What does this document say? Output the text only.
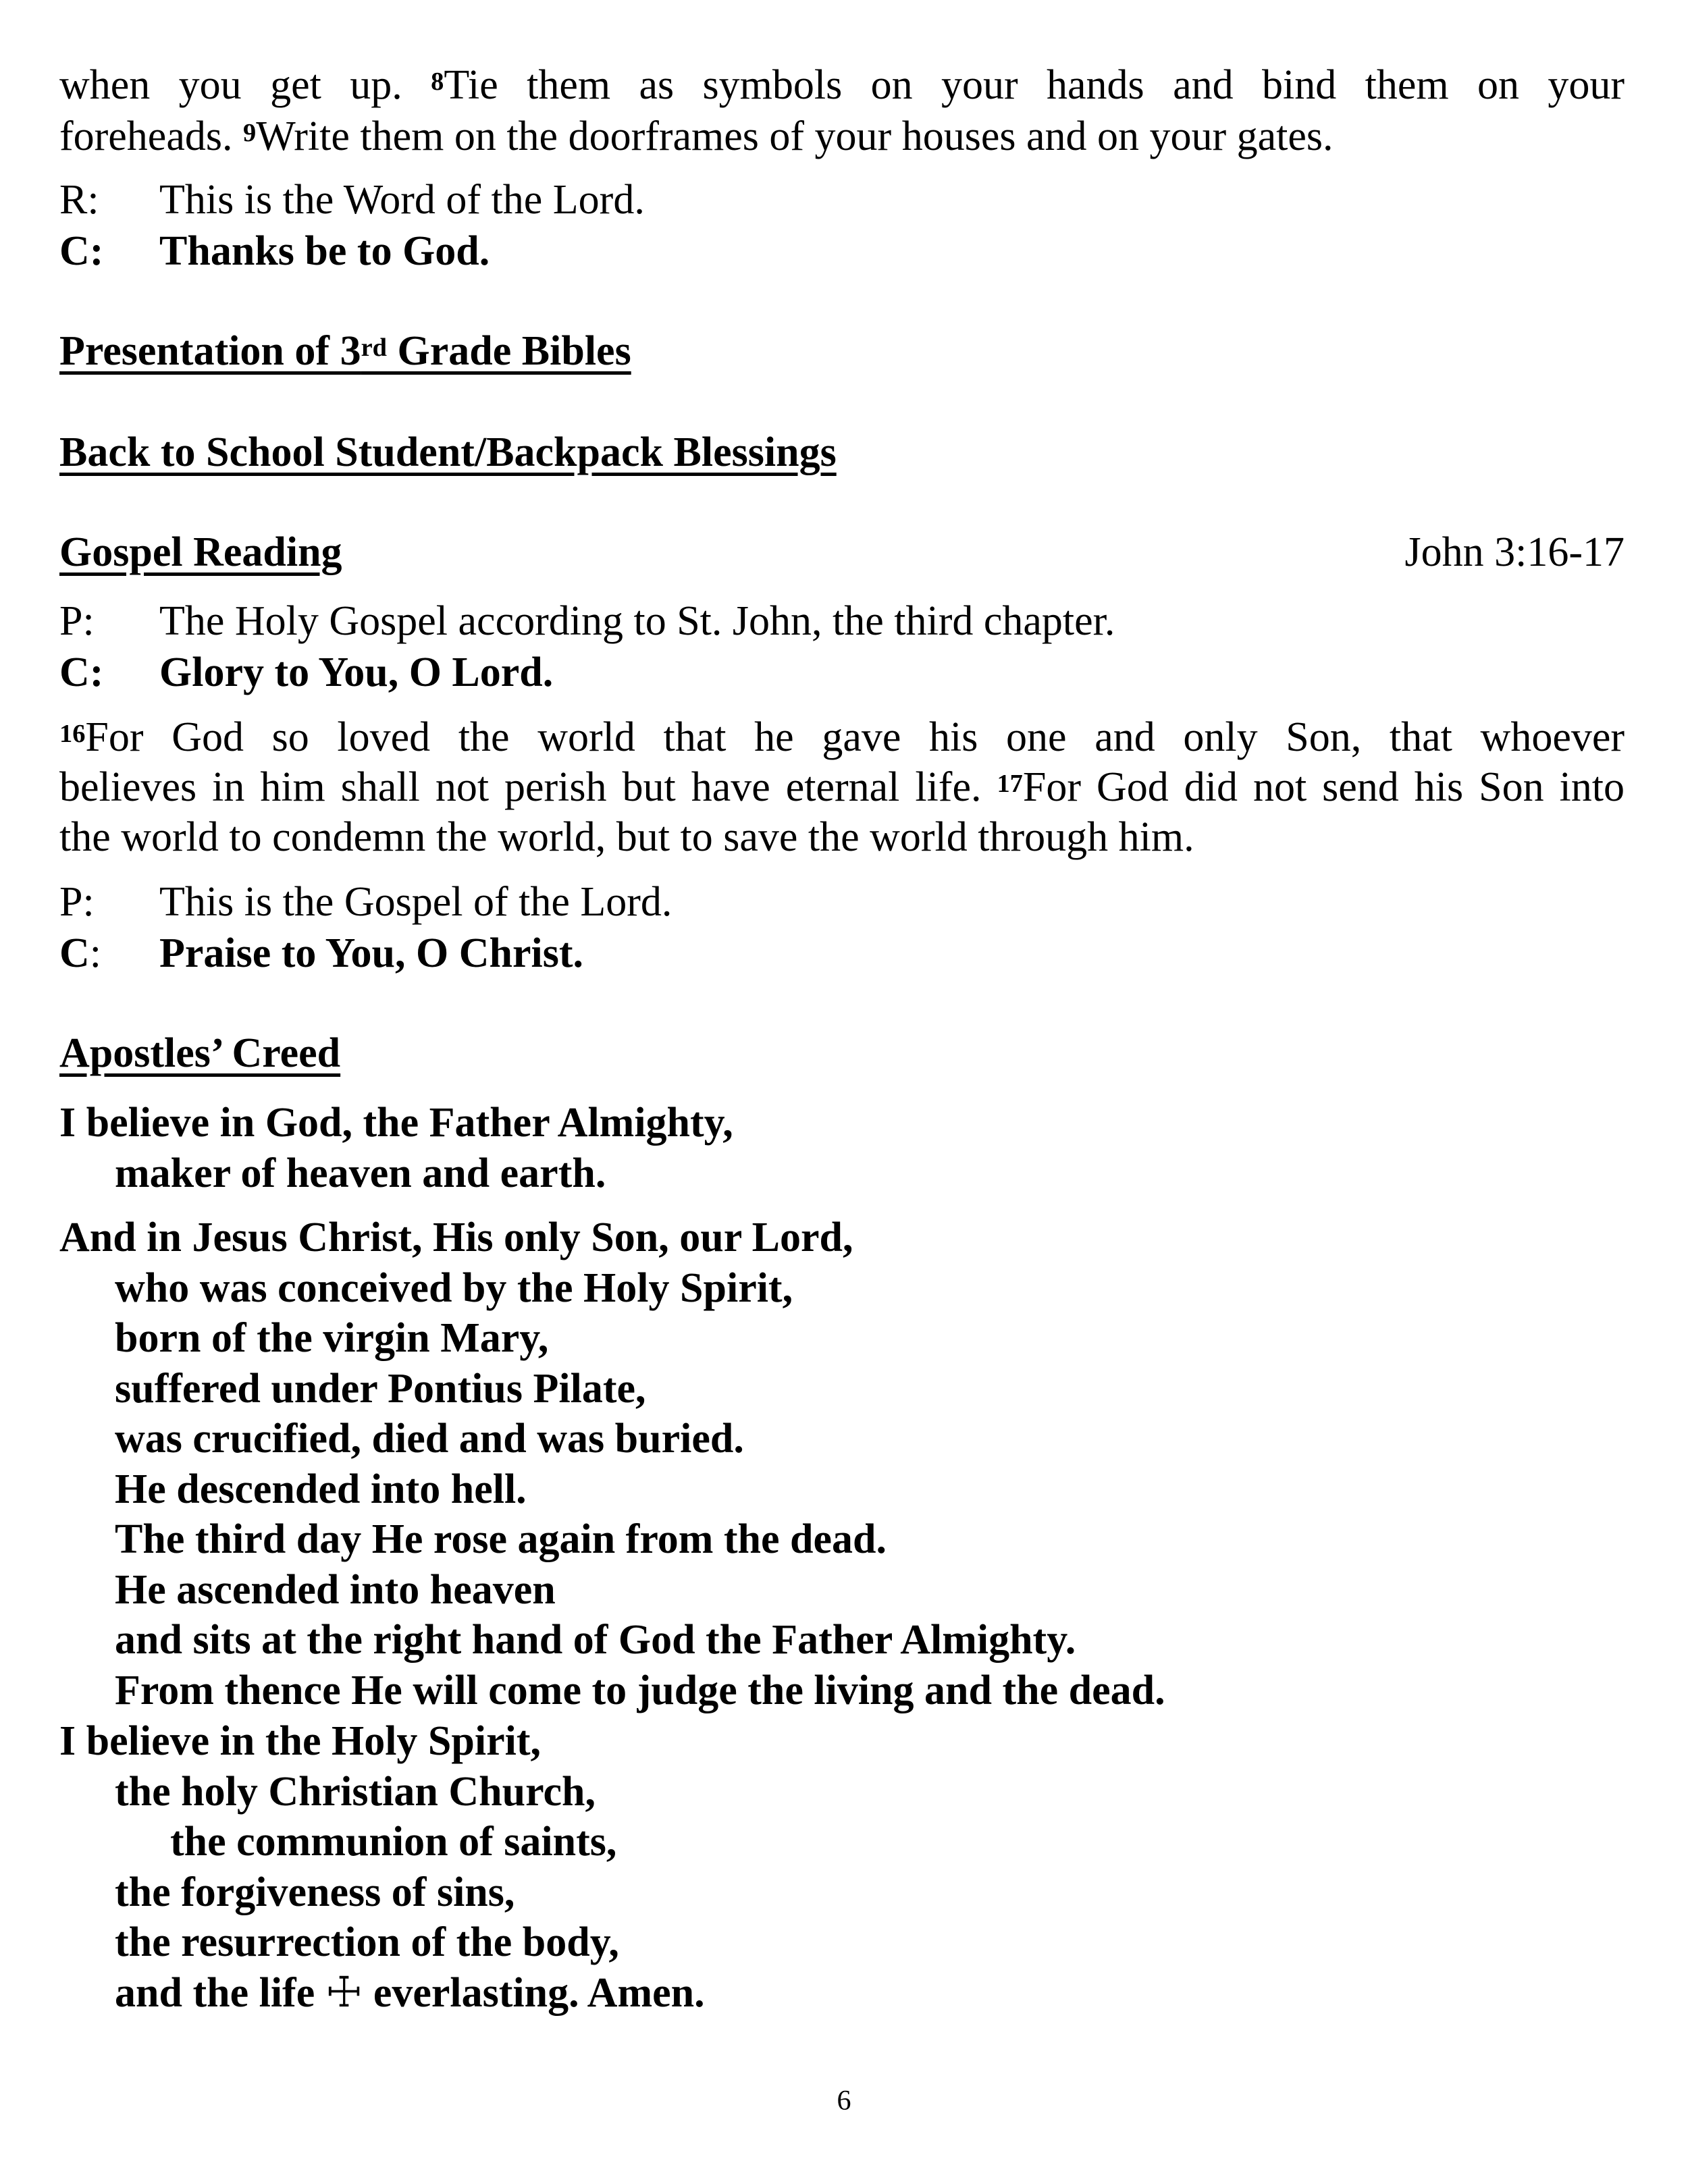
when you get up. $^8$Tie them as symbols on your hands and bind them on your
foreheads. $^9$Write them on the doorframes of your houses and on your gates.
R: This is the Word of the Lord.
C: Thanks be to God.
Presentation of 3rd Grade Bibles
Back to School Student/Backpack Blessings
Gospel Reading	John 3:16-17
P: The Holy Gospel according to St. John, the third chapter.
C: Glory to You, O Lord.
$^{16}$For God so loved the world that he gave his one and only Son, that whoever
believes in him shall not perish but have eternal life. $^{17}$For God did not send his Son into
the world to condemn the world, but to save the world through him.
P: This is the Gospel of the Lord.
C: Praise to You, O Christ.
Apostles’ Creed
I believe in God, the Father Almighty,
maker of heaven and earth.
And in Jesus Christ, His only Son, our Lord,
who was conceived by the Holy Spirit,
born of the virgin Mary,
suffered under Pontius Pilate,
was crucified, died and was buried.
He descended into hell.
The third day He rose again from the dead.
He ascended into heaven
and sits at the right hand of God the Father Almighty.
From thence He will come to judge the living and the dead.
I believe in the Holy Spirit,
the holy Christian Church,
the communion of saints,
the forgiveness of sins,
the resurrection of the body,
and the life ☩ everlasting. Amen.
6
